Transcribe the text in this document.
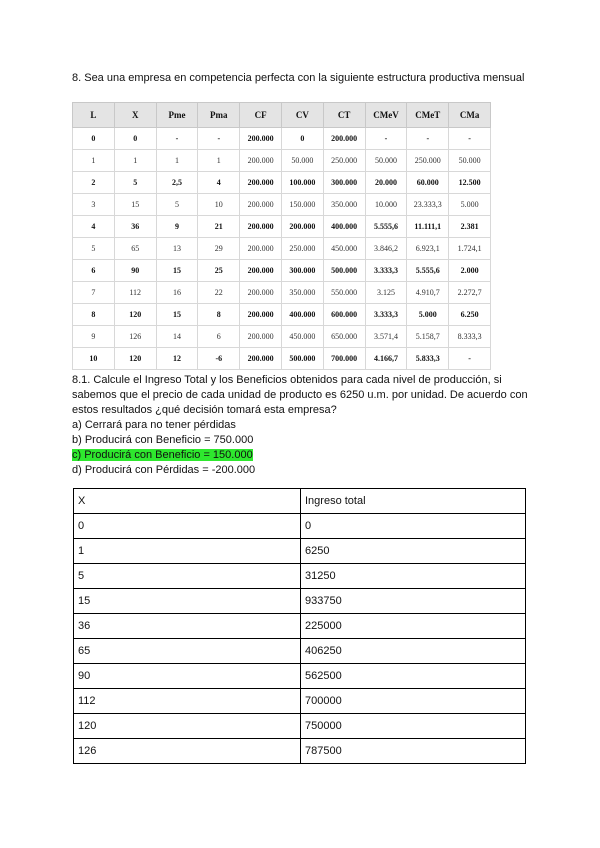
8. Sea una empresa en competencia perfecta con la siguiente estructura productiva mensual
L	X	Pme	Pma	CF	CV	CT	CMeV	CMeT	CMa
0	0	-	-	200.000	0	200.000	-	-	-
1	1	1	1	200.000	50.000	250.000	50.000	250.000	50.000
2	5	2,5	4	200.000	100.000	300.000	20.000	60.000	12.500
3	15	5	10	200.000	150.000	350.000	10.000	23.333,3	5.000
4	36	9	21	200.000	200.000	400.000	5.555,6	11.111,1	2.381
5	65	13	29	200.000	250.000	450.000	3.846,2	6.923,1	1.724,1
6	90	15	25	200.000	300.000	500.000	3.333,3	5.555,6	2.000
7	112	16	22	200.000	350.000	550.000	3.125	4.910,7	2.272,7
8	120	15	8	200.000	400.000	600.000	3.333,3	5.000	6.250
9	126	14	6	200.000	450.000	650.000	3.571,4	5.158,7	8.333,3
10	120	12	-6	200.000	500.000	700.000	4.166,7	5.833,3	-

8.1. Calcule el Ingreso Total y los Beneficios obtenidos para cada nivel de producción, si sabemos que el precio de cada unidad de producto es 6250 u.m. por unidad. De acuerdo con estos resultados ¿qué decisión tomará esta empresa?

a) Cerrará para no tener pérdidas

b) Producirá con Beneficio = 750.000

c) Producirá con Beneficio = 150.000

d) Producirá con Pérdidas = -200.000

X	Ingreso total
0	0
1	6250
5	31250
15	933750
36	225000
65	406250
90	562500
112	700000
120	750000
126	787500
